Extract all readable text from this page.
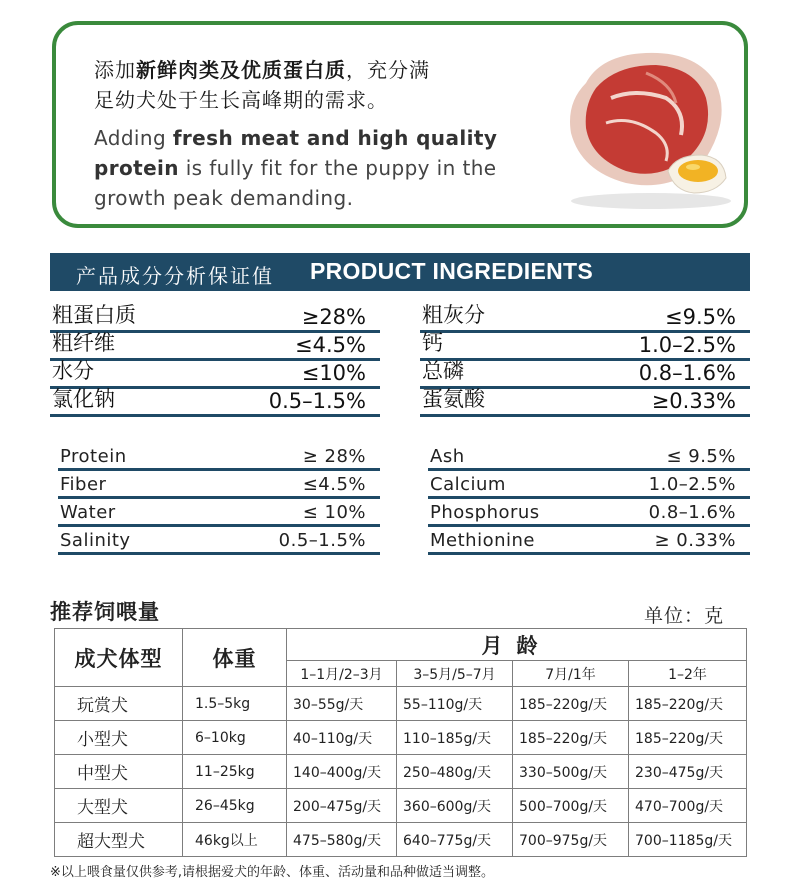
添加新鲜肉类及优质蛋白质，充分满
足幼犬处于生长高峰期的需求。
Adding fresh meat and high quality protein is fully fit for the puppy in the growth peak demanding.
产品成分分析保证值 PRODUCT INGREDIENTS
粗蛋白质	≥28%
粗纤维	≤4.5%
水分	≤10%
氯化钠	0.5–1.5%
粗灰分	≤9.5%
钙	1.0–2.5%
总磷	0.8–1.6%
蛋氨酸	≥0.33%
Protein	≥ 28%
Fiber	≤4.5%
Water	≤ 10%
Salinity	0.5–1.5%
Ash	≤ 9.5%
Calcium	1.0–2.5%
Phosphorus	0.8–1.6%
Methionine	≥ 0.33%
推荐饲喂量	单位：克
成犬体型	体重	月龄			
		1–1月/2–3月	3–5月/5–7月	7月/1年	1–2年
玩赏犬	1.5–5kg	30–55g/天	55–110g/天	185–220g/天	185–220g/天
小型犬	6–10kg	40–110g/天	110–185g/天	185–220g/天	185–220g/天
中型犬	11–25kg	140–400g/天	250–480g/天	330–500g/天	230–475g/天
大型犬	26–45kg	200–475g/天	360–600g/天	500–700g/天	470–700g/天
超大型犬	46kg以上	475–580g/天	640–775g/天	700–975g/天	700–1185g/天
※以上喂食量仅供参考,请根据爱犬的年龄、体重、活动量和品种做适当调整。
